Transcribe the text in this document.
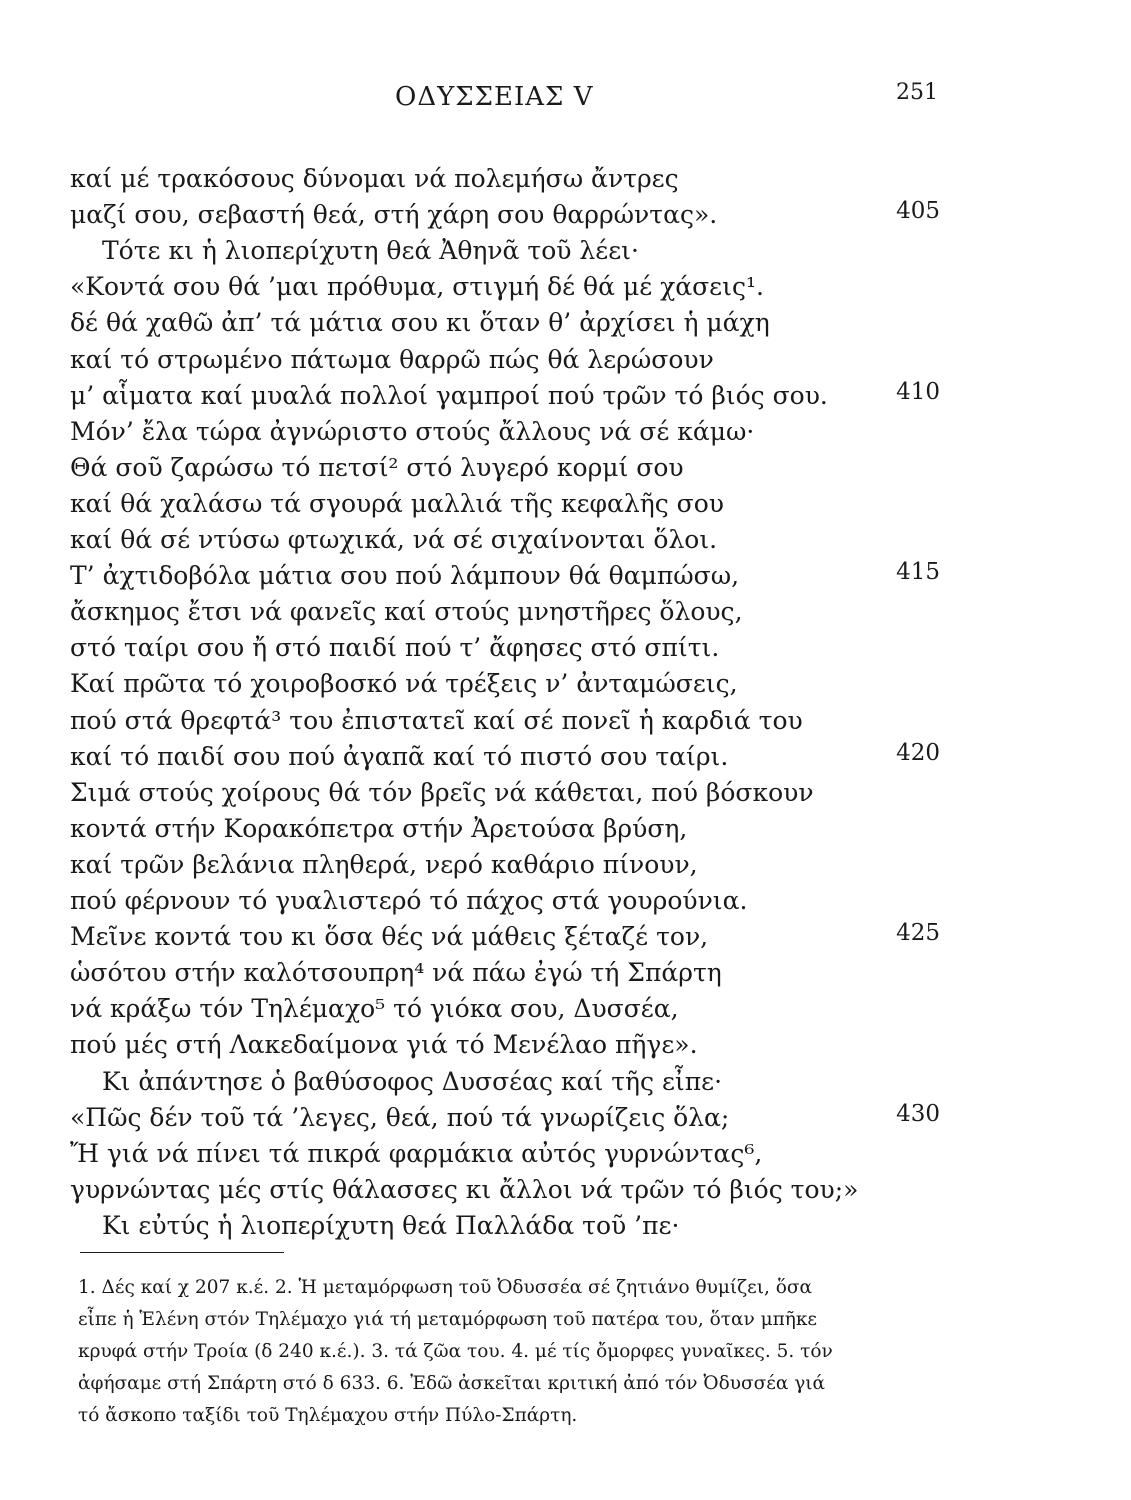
ΟΔΥΣΣΕΙΑΣ V	251
καί μέ τρακόσους δύνομαι νά πολεμήσω ἄντρες
μαζί σου, σεβαστή θεά, στή χάρη σου θαρρώντας».	405
Τότε κι ἡ λιοπερίχυτη θεά Ἀθηνᾶ τοῦ λέει·
«Κοντά σου θά ’μαι πρόθυμα, στιγμή δέ θά μέ χάσεις¹.
δέ θά χαθῶ ἀπ’ τά μάτια σου κι ὅταν θ’ ἀρχίσει ἡ μάχη
καί τό στρωμένο πάτωμα θαρρῶ πώς θά λερώσουν
μ’ αἷματα καί μυαλά πολλοί γαμπροί πού τρῶν τό βιός σου.	410
Μόν’ ἔλα τώρα ἀγνώριστο στούς ἄλλους νά σέ κάμω·
Θά σοῦ ζαρώσω τό πετσί² στό λυγερό κορμί σου
καί θά χαλάσω τά σγουρά μαλλιά τῆς κεφαλῆς σου
καί θά σέ ντύσω φτωχικά, νά σέ σιχαίνονται ὅλοι.
Τ’ ἀχτιδοβόλα μάτια σου πού λάμπουν θά θαμπώσω,	415
ἄσκημος ἔτσι νά φανεῖς καί στούς μνηστῆρες ὅλους,
στό ταίρι σου ἤ στό παιδί πού τ’ ἄφησες στό σπίτι.
Καί πρῶτα τό χοιροβοσκό νά τρέξεις ν’ ἀνταμώσεις,
πού στά θρεφτά³ του ἐπιστατεῖ καί σέ πονεῖ ἡ καρδιά του
καί τό παιδί σου πού ἀγαπᾶ καί τό πιστό σου ταίρι.	420
Σιμά στούς χοίρους θά τόν βρεῖς νά κάθεται, πού βόσκουν
κοντά στήν Κορακόπετρα στήν Ἀρετούσα βρύση,
καί τρῶν βελάνια πληθερά, νερό καθάριο πίνουν,
πού φέρνουν τό γυαλιστερό τό πάχος στά γουρούνια.
Μεῖνε κοντά του κι ὅσα θές νά μάθεις ξέταζέ τον,	425
ὡσότου στήν καλότσουπρη⁴ νά πάω ἐγώ τή Σπάρτη
νά κράξω τόν Τηλέμαχο⁵ τό γιόκα σου, Δυσσέα,
πού μές στή Λακεδαίμονα γιά τό Μενέλαο πῆγε».
Κι ἀπάντησε ὁ βαθύσοφος Δυσσέας καί τῆς εἶπε·
«Πῶς δέν τοῦ τά ’λεγες, θεά, πού τά γνωρίζεις ὅλα;	430
Ἤ γιά νά πίνει τά πικρά φαρμάκια αὐτός γυρνώντας⁶,
γυρνώντας μές στίς θάλασσες κι ἄλλοι νά τρῶν τό βιός του;»
Κι εὐτύς ἡ λιοπερίχυτη θεά Παλλάδα τοῦ ’πε·
1. Δές καί χ 207 κ.έ. 2. Ἡ μεταμόρφωση τοῦ Ὀδυσσέα σέ ζητιάνο θυμίζει, ὅσα
εἶπε ἡ Ἑλένη στόν Τηλέμαχο γιά τή μεταμόρφωση τοῦ πατέρα του, ὅταν μπῆκε
κρυφά στήν Τροία (δ 240 κ.έ.). 3. τά ζῶα του. 4. μέ τίς ὄμορφες γυναῖκες. 5. τόν
ἀφήσαμε στή Σπάρτη στό δ 633. 6. Ἐδῶ ἀσκεῖται κριτική ἀπό τόν Ὀδυσσέα γιά
τό ἄσκοπο ταξίδι τοῦ Τηλέμαχου στήν Πύλο-Σπάρτη.
